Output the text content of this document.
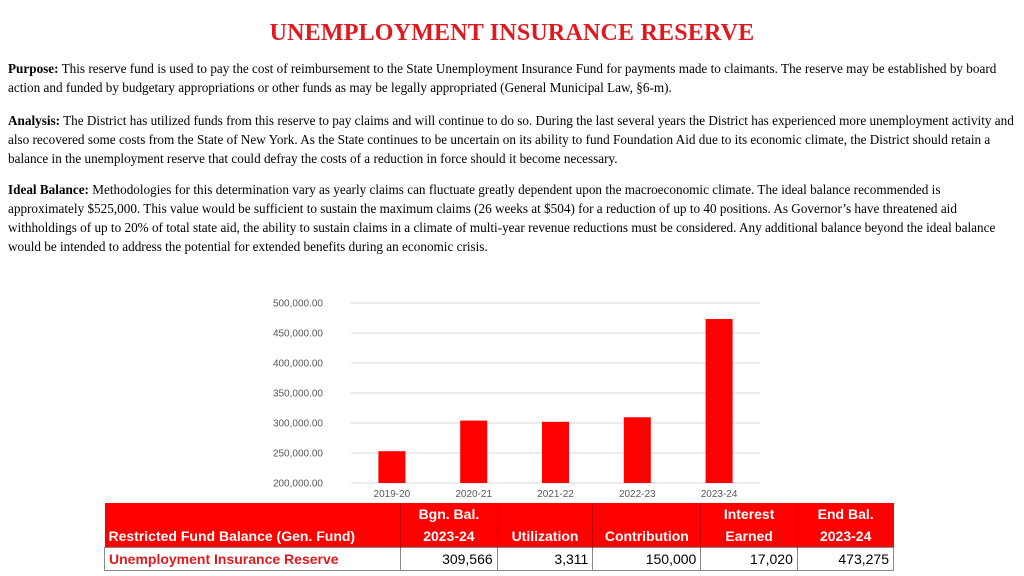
UNEMPLOYMENT INSURANCE RESERVE
Purpose: This reserve fund is used to pay the cost of reimbursement to the State Unemployment Insurance Fund for payments made to claimants. The reserve may be established by board action and funded by budgetary appropriations or other funds as may be legally appropriated (General Municipal Law, §6-m).
Analysis: The District has utilized funds from this reserve to pay claims and will continue to do so. During the last several years the District has experienced more unemployment activity and also recovered some costs from the State of New York. As the State continues to be uncertain on its ability to fund Foundation Aid due to its economic climate, the District should retain a balance in the unemployment reserve that could defray the costs of a reduction in force should it become necessary.
Ideal Balance: Methodologies for this determination vary as yearly claims can fluctuate greatly dependent upon the macroeconomic climate. The ideal balance recommended is approximately $525,000. This value would be sufficient to sustain the maximum claims (26 weeks at $504) for a reduction of up to 40 positions. As Governor’s have threatened aid withholdings of up to 20% of total state aid, the ability to sustain claims in a climate of multi-year revenue reductions must be considered. Any additional balance beyond the ideal balance would be intended to address the potential for extended benefits during an economic crisis.
200,000.00
250,000.00
300,000.00
350,000.00
400,000.00
450,000.00
500,000.00
2019-20	2020-21	2021-22	2022-23	2023-24
	Bgn. Bal.			Interest	End Bal.
Restricted Fund Balance (Gen. Fund)	2023-24	Utilization	Contribution	Earned	2023-24
Unemployment Insurance Reserve	309,566	3,311	150,000	17,020	473,275
